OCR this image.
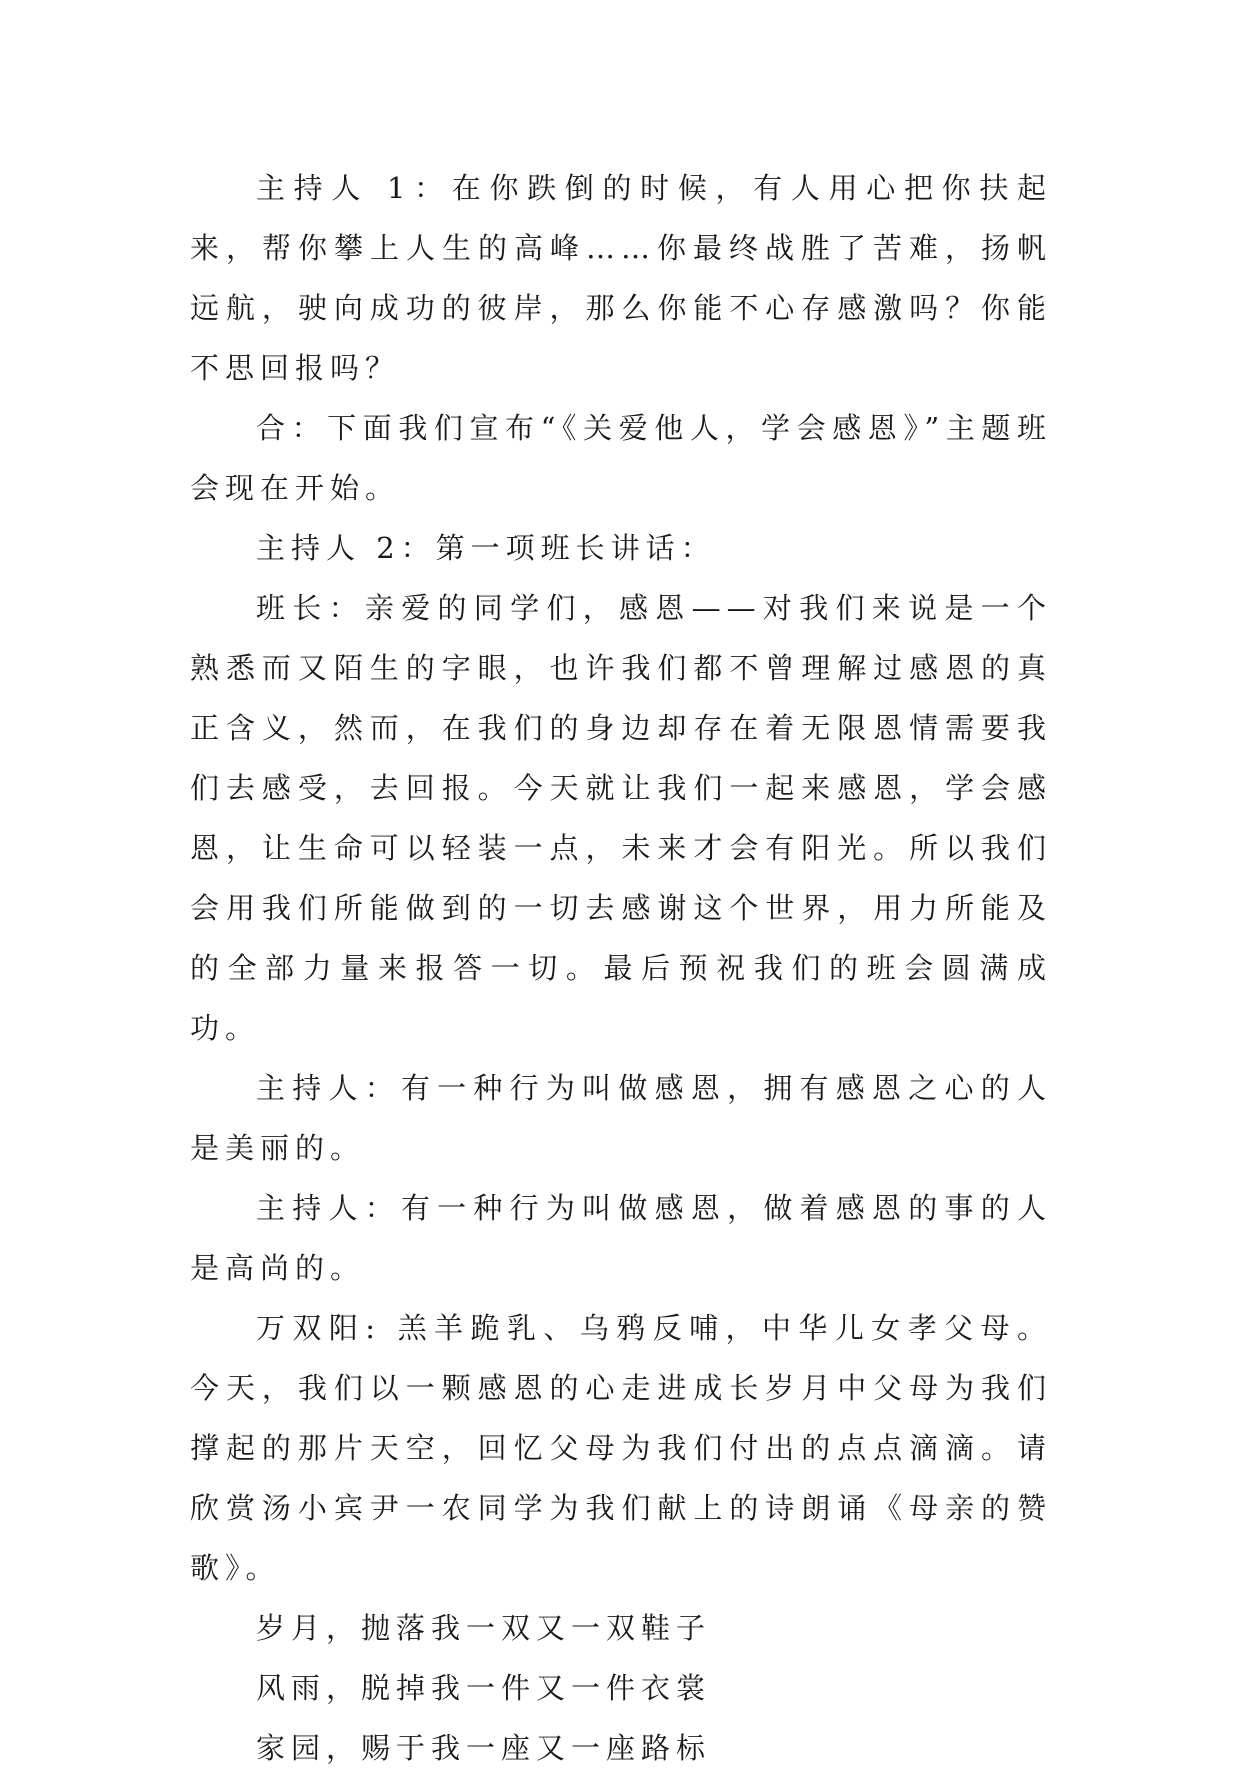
主持人 1：在你跌倒的时候，有人用心把你扶起来，帮你攀上人生的高峰……你最终战胜了苦难，扬帆远航，驶向成功的彼岸，那么你能不心存感激吗？你能不思回报吗？

合：下面我们宣布“《关爱他人，学会感恩》”主题班会现在开始。

主持人 2：第一项班长讲话：

班长：亲爱的同学们，感恩——对我们来说是一个熟悉而又陌生的字眼，也许我们都不曾理解过感恩的真正含义，然而，在我们的身边却存在着无限恩情需要我们去感受，去回报。今天就让我们一起来感恩，学会感恩，让生命可以轻装一点，未来才会有阳光。所以我们会用我们所能做到的一切去感谢这个世界，用力所能及的全部力量来报答一切。最后预祝我们的班会圆满成功。

主持人：有一种行为叫做感恩，拥有感恩之心的人是美丽的。

主持人：有一种行为叫做感恩，做着感恩的事的人是高尚的。

万双阳: 羔羊跪乳、乌鸦反哺，中华儿女孝父母。今天，我们以一颗感恩的心走进成长岁月中父母为我们撑起的那片天空，回忆父母为我们付出的点点滴滴。请欣赏汤小宾尹一农同学为我们献上的诗朗诵《母亲的赞歌》。

岁月，抛落我一双又一双鞋子

风雨，脱掉我一件又一件衣裳

家园，赐于我一座又一座路标
